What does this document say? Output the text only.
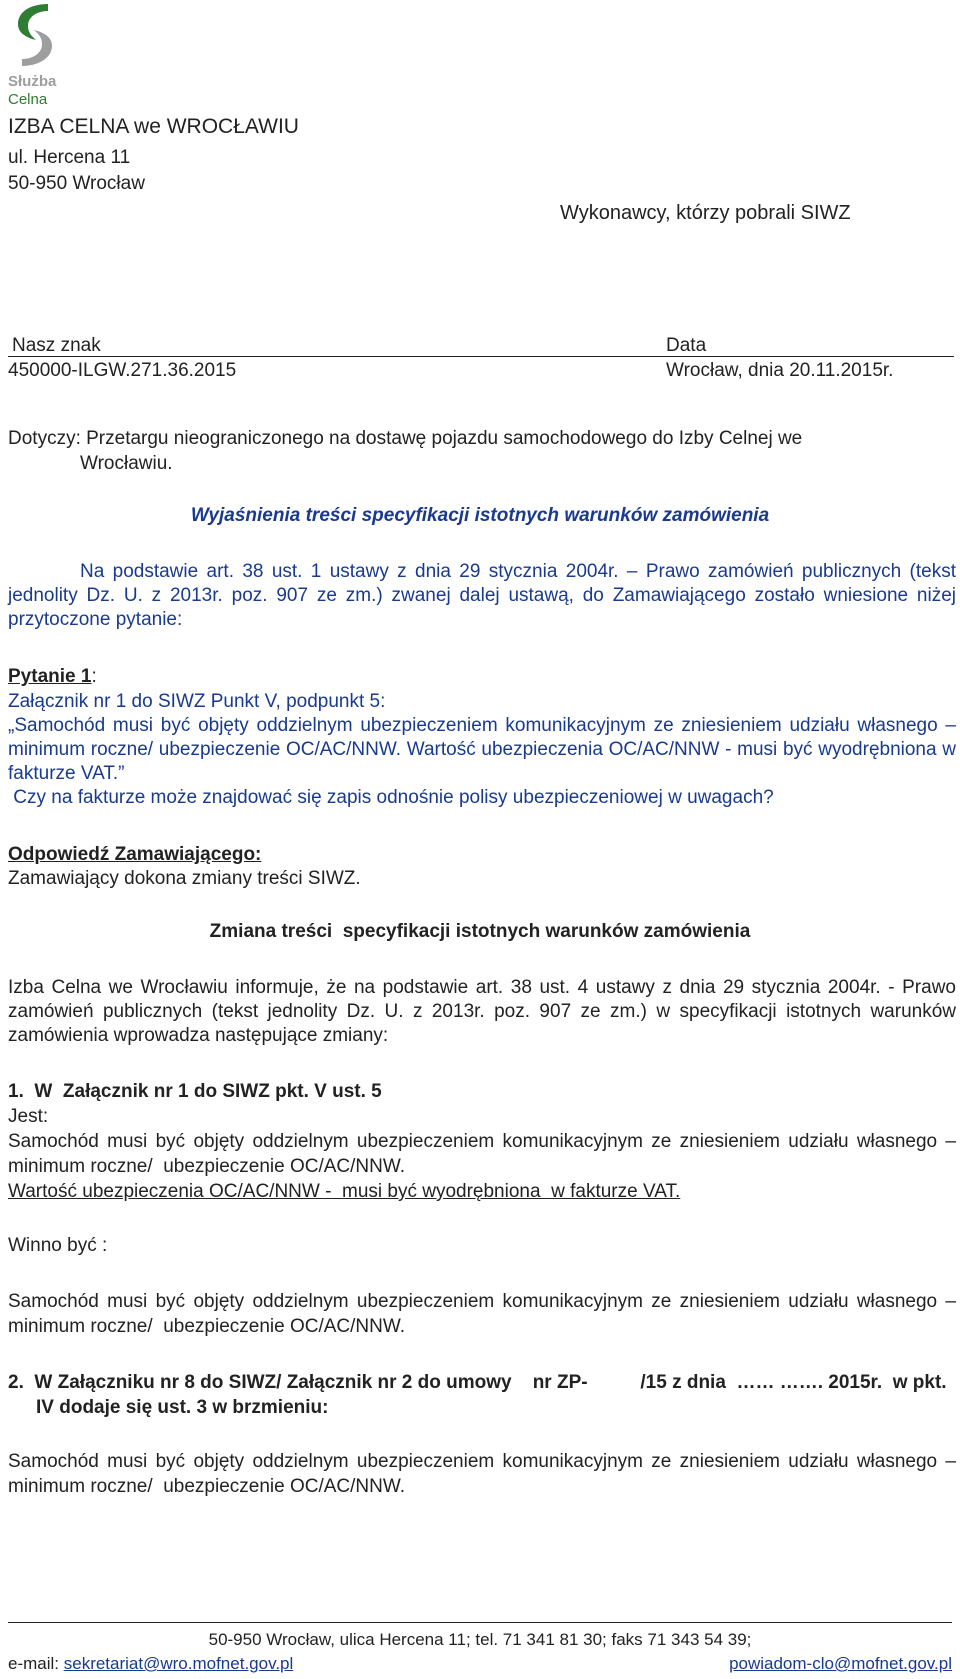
Służba
Celna
IZBA CELNA we WROCŁAWIU
ul. Hercena 11
50-950 Wrocław
Wykonawcy, którzy pobrali SIWZ
Nasz znak	Data
450000-ILGW.271.36.2015	Wrocław, dnia 20.11.2015r.
Dotyczy: Przetargu nieograniczonego na dostawę pojazdu samochodowego do Izby Celnej we
Wrocławiu.
Wyjaśnienia treści specyfikacji istotnych warunków zamówienia
Na podstawie art. 38 ust. 1 ustawy z dnia 29 stycznia 2004r. – Prawo zamówień publicznych (tekst
jednolity Dz. U. z 2013r. poz. 907 ze zm.) zwanej dalej ustawą, do Zamawiającego zostało wniesione niżej
przytoczone pytanie:
Pytanie 1:
Załącznik nr 1 do SIWZ Punkt V, podpunkt 5:
„Samochód musi być objęty oddzielnym ubezpieczeniem komunikacyjnym ze zniesieniem udziału własnego –
minimum roczne/ ubezpieczenie OC/AC/NNW. Wartość ubezpieczenia OC/AC/NNW - musi być wyodrębniona w
fakturze VAT.”
Czy na fakturze może znajdować się zapis odnośnie polisy ubezpieczeniowej w uwagach?
Odpowiedź Zamawiającego:
Zamawiający dokona zmiany treści SIWZ.
Zmiana treści  specyfikacji istotnych warunków zamówienia
Izba Celna we Wrocławiu informuje, że na podstawie art. 38 ust. 4 ustawy z dnia 29 stycznia 2004r. - Prawo
zamówień publicznych (tekst jednolity Dz. U. z 2013r. poz. 907 ze zm.) w specyfikacji istotnych warunków
zamówienia wprowadza następujące zmiany:
1.  W  Załącznik nr 1 do SIWZ pkt. V ust. 5
Jest:
Samochód musi być objęty oddzielnym ubezpieczeniem komunikacyjnym ze zniesieniem udziału własnego –
minimum roczne/  ubezpieczenie OC/AC/NNW.
Wartość ubezpieczenia OC/AC/NNW -  musi być wyodrębniona  w fakturze VAT.
Winno być :
Samochód musi być objęty oddzielnym ubezpieczeniem komunikacyjnym ze zniesieniem udziału własnego –
minimum roczne/  ubezpieczenie OC/AC/NNW.
2.  W Załączniku nr 8 do SIWZ/ Załącznik nr 2 do umowy    nr ZP-          /15 z dnia  …… ……. 2015r.  w pkt.
IV dodaje się ust. 3 w brzmieniu:
Samochód musi być objęty oddzielnym ubezpieczeniem komunikacyjnym ze zniesieniem udziału własnego –
minimum roczne/  ubezpieczenie OC/AC/NNW.
50-950 Wrocław, ulica Hercena 11; tel. 71 341 81 30; faks 71 343 54 39;
e-mail: sekretariat@wro.mofnet.gov.pl	powiadom-clo@mofnet.gov.pl
